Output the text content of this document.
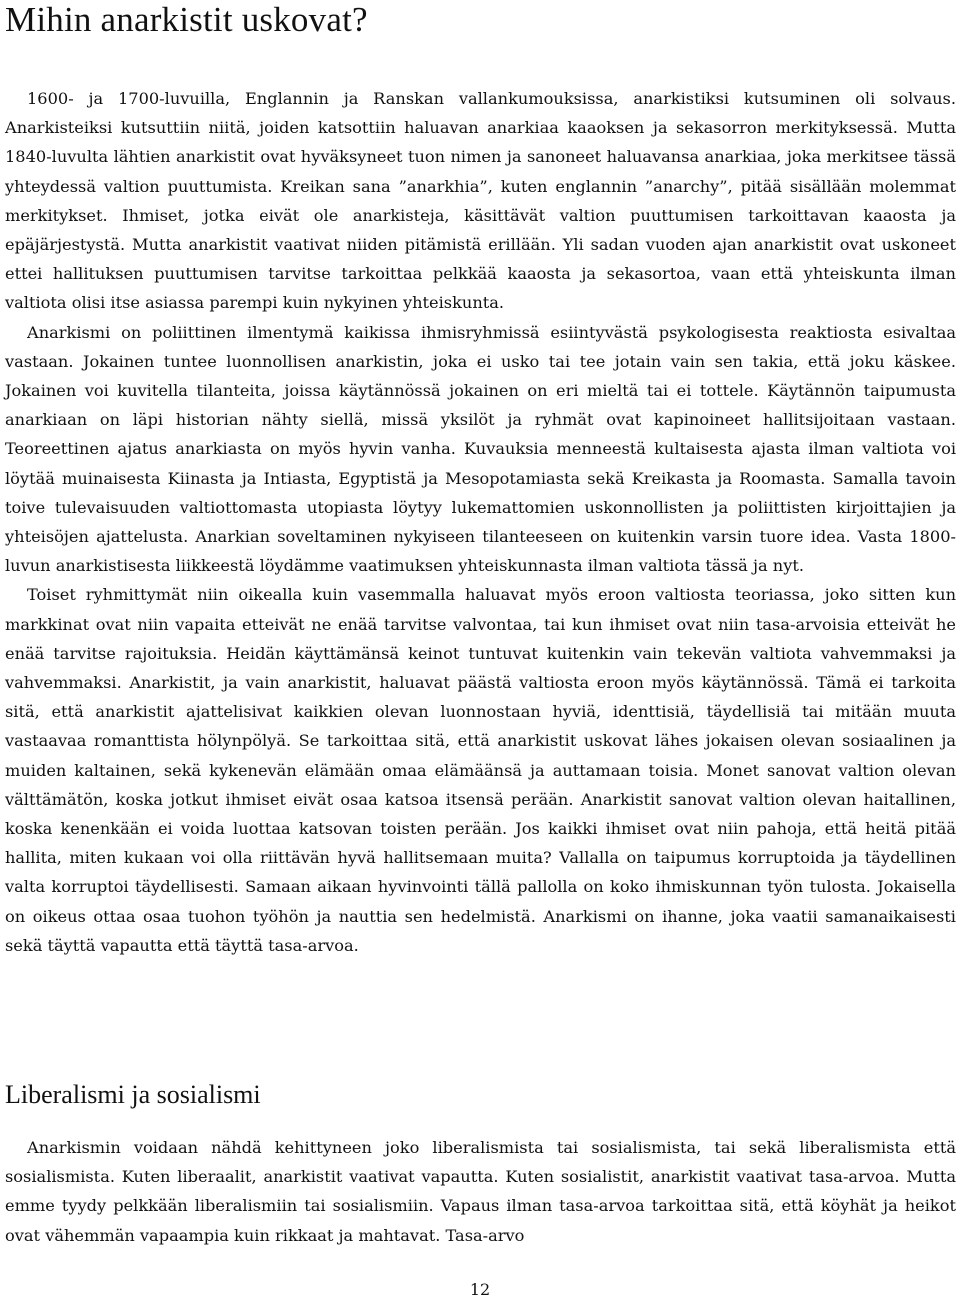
Mihin anarkistit uskovat?

1600- ja 1700-luvuilla, Englannin ja Ranskan vallankumouksissa, anarkistiksi kutsuminen oli solvaus. Anarkisteiksi kutsuttiin niitä, joiden katsottiin haluavan anarkiaa kaaoksen ja sekasorron merkityksessä. Mutta 1840-luvulta lähtien anarkistit ovat hyväksyneet tuon nimen ja sanoneet haluavansa anarkiaa, joka merkitsee tässä yhteydessä valtion puuttumista. Kreikan sana ”anarkhia”, kuten englannin ”anarchy”, pitää sisällään molemmat merkitykset. Ihmiset, jotka eivät ole anarkisteja, käsittävät valtion puuttumisen tarkoittavan kaaosta ja epäjärjestystä. Mutta anarkistit vaativat niiden pitämistä erillään. Yli sadan vuoden ajan anarkistit ovat uskoneet ettei hallituksen puuttumisen tarvitse tarkoittaa pelkkää kaaosta ja sekasortoa, vaan että yhteiskunta ilman valtiota olisi itse asiassa parempi kuin nykyinen yhteiskunta.

Anarkismi on poliittinen ilmentymä kaikissa ihmisryhmissä esiintyvästä psykologisesta reaktiosta esivaltaa vastaan. Jokainen tuntee luonnollisen anarkistin, joka ei usko tai tee jotain vain sen takia, että joku käskee. Jokainen voi kuvitella tilanteita, joissa käytännössä jokainen on eri mieltä tai ei tottele. Käytännön taipumusta anarkiaan on läpi historian nähty siellä, missä yksilöt ja ryhmät ovat kapinoineet hallitsijoitaan vastaan. Teoreettinen ajatus anarkiasta on myös hyvin vanha. Kuvauksia menneestä kultaisesta ajasta ilman valtiota voi löytää muinaisesta Kiinasta ja Intiasta, Egyptistä ja Mesopotamiasta sekä Kreikasta ja Roomasta. Samalla tavoin toive tulevaisuuden valtiottomasta utopiasta löytyy lukemattomien uskonnollisten ja poliittisten kirjoittajien ja yhteisöjen ajattelusta. Anarkian soveltaminen nykyiseen tilanteeseen on kuitenkin varsin tuore idea. Vasta 1800-luvun anarkistisesta liikkeestä löydämme vaatimuksen yhteiskunnasta ilman valtiota tässä ja nyt.

Toiset ryhmittymät niin oikealla kuin vasemmalla haluavat myös eroon valtiosta teoriassa, joko sitten kun markkinat ovat niin vapaita etteivät ne enää tarvitse valvontaa, tai kun ihmiset ovat niin tasa-arvoisia etteivät he enää tarvitse rajoituksia. Heidän käyttämänsä keinot tuntuvat kuitenkin vain tekevän valtiota vahvemmaksi ja vahvemmaksi. Anarkistit, ja vain anarkistit, haluavat päästä valtiosta eroon myös käytännössä. Tämä ei tarkoita sitä, että anarkistit ajattelisivat kaikkien olevan luonnostaan hyviä, identtisiä, täydellisiä tai mitään muuta vastaavaa romanttista hölynpölyä. Se tarkoittaa sitä, että anarkistit uskovat lähes jokaisen olevan sosiaalinen ja muiden kaltainen, sekä kykenevän elämään omaa elämäänsä ja auttamaan toisia. Monet sanovat valtion olevan välttämätön, koska jotkut ihmiset eivät osaa katsoa itsensä perään. Anarkistit sanovat valtion olevan haitallinen, koska kenenkään ei voida luottaa katsovan toisten perään. Jos kaikki ihmiset ovat niin pahoja, että heitä pitää hallita, miten kukaan voi olla riittävän hyvä hallitsemaan muita? Vallalla on taipumus korruptoida ja täydellinen valta korruptoi täydellisesti. Samaan aikaan hyvinvointi tällä pallolla on koko ihmiskunnan työn tulosta. Jokaisella on oikeus ottaa osaa tuohon työhön ja nauttia sen hedelmistä. Anarkismi on ihanne, joka vaatii samanaikaisesti sekä täyttä vapautta että täyttä tasa-arvoa.

Liberalismi ja sosialismi

Anarkismin voidaan nähdä kehittyneen joko liberalismista tai sosialismista, tai sekä liberalismista että sosialismista. Kuten liberaalit, anarkistit vaativat vapautta. Kuten sosialistit, anarkistit vaativat tasa-arvoa. Mutta emme tyydy pelkkään liberalismiin tai sosialismiin. Vapaus ilman tasa-arvoa tarkoittaa sitä, että köyhät ja heikot ovat vähemmän vapaampia kuin rikkaat ja mahtavat. Tasa-arvo

12
